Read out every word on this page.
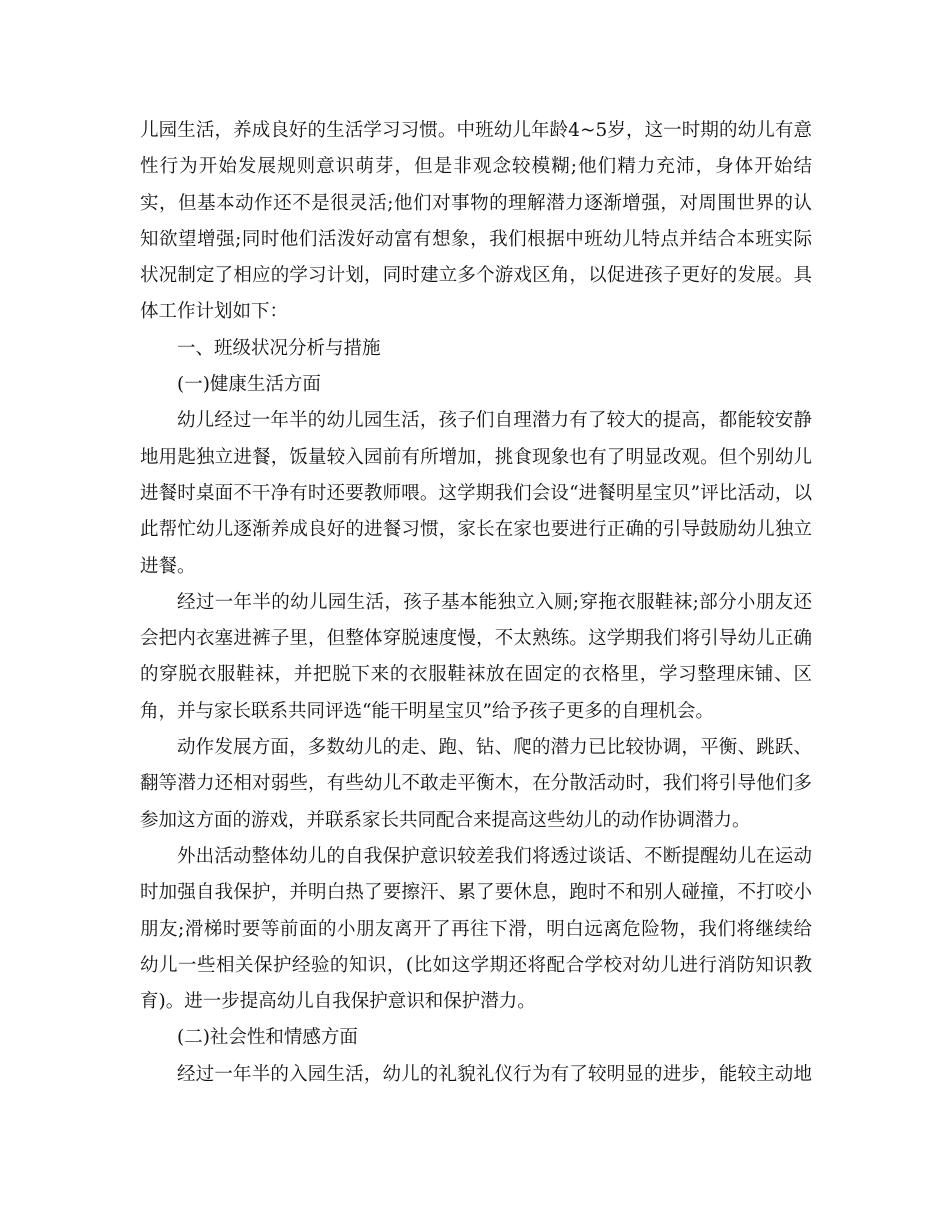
儿园生活，养成良好的生活学习习惯。中班幼儿年龄4~5岁，这一时期的幼儿有意
性行为开始发展规则意识萌芽，但是非观念较模糊;他们精力充沛，身体开始结
实，但基本动作还不是很灵活;他们对事物的理解潜力逐渐增强，对周围世界的认
知欲望增强;同时他们活泼好动富有想象，我们根据中班幼儿特点并结合本班实际
状况制定了相应的学习计划，同时建立多个游戏区角，以促进孩子更好的发展。具
体工作计划如下：
一、班级状况分析与措施
(一)健康生活方面
幼儿经过一年半的幼儿园生活，孩子们自理潜力有了较大的提高，都能较安静
地用匙独立进餐，饭量较入园前有所增加，挑食现象也有了明显改观。但个别幼儿
进餐时桌面不干净有时还要教师喂。这学期我们会设“进餐明星宝贝”评比活动，以
此帮忙幼儿逐渐养成良好的进餐习惯，家长在家也要进行正确的引导鼓励幼儿独立
进餐。
经过一年半的幼儿园生活，孩子基本能独立入厕;穿拖衣服鞋袜;部分小朋友还
会把内衣塞进裤子里，但整体穿脱速度慢，不太熟练。这学期我们将引导幼儿正确
的穿脱衣服鞋袜，并把脱下来的衣服鞋袜放在固定的衣格里，学习整理床铺、区
角，并与家长联系共同评选“能干明星宝贝”给予孩子更多的自理机会。
动作发展方面，多数幼儿的走、跑、钻、爬的潜力已比较协调，平衡、跳跃、
翻等潜力还相对弱些，有些幼儿不敢走平衡木，在分散活动时，我们将引导他们多
参加这方面的游戏，并联系家长共同配合来提高这些幼儿的动作协调潜力。
外出活动整体幼儿的自我保护意识较差我们将透过谈话、不断提醒幼儿在运动
时加强自我保护，并明白热了要擦汗、累了要休息，跑时不和别人碰撞，不打咬小
朋友;滑梯时要等前面的小朋友离开了再往下滑，明白远离危险物，我们将继续给
幼儿一些相关保护经验的知识，(比如这学期还将配合学校对幼儿进行消防知识教
育)。进一步提高幼儿自我保护意识和保护潜力。
(二)社会性和情感方面
经过一年半的入园生活，幼儿的礼貌礼仪行为有了较明显的进步，能较主动地
